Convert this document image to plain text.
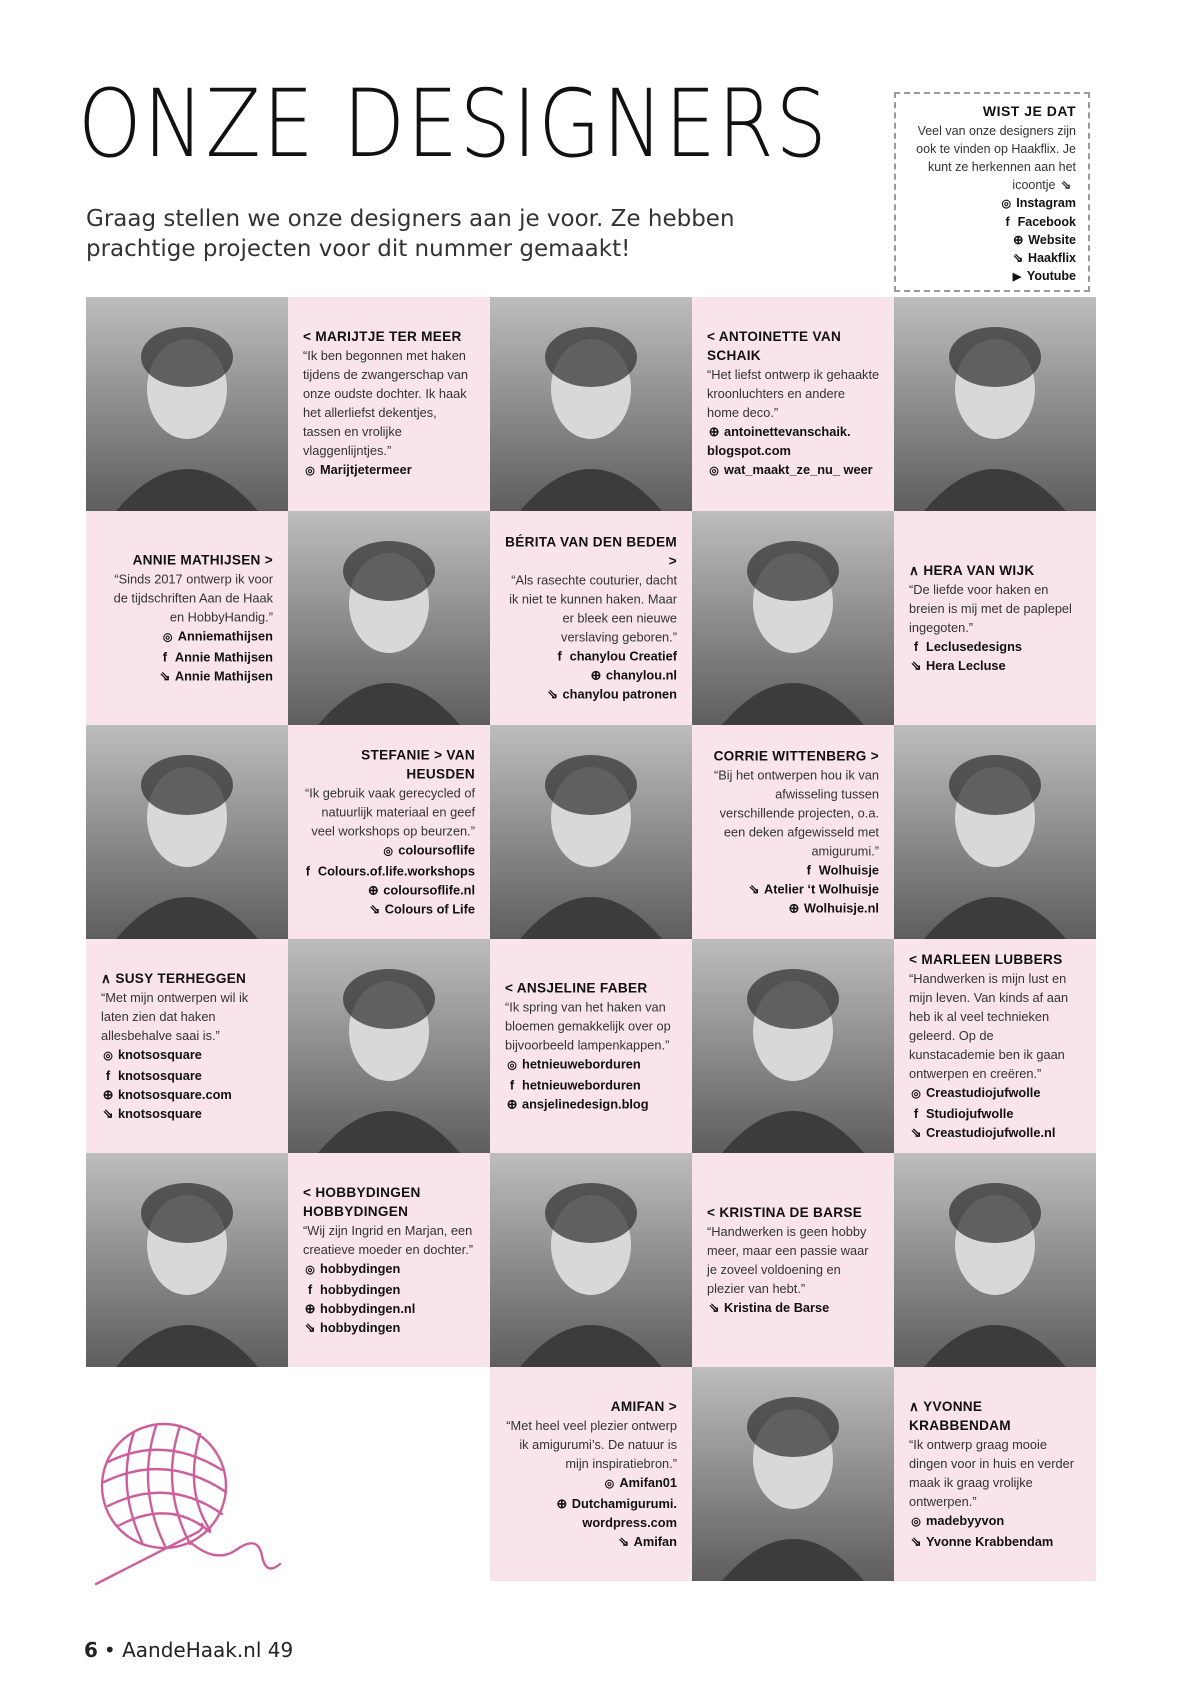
ONZE DESIGNERS
Graag stellen we onze designers aan je voor. Ze hebben prachtige projecten voor dit nummer gemaakt!
WIST JE DAT
Veel van onze designers zijn ook te vinden op Haakflix. Je kunt ze herkennen aan het icoontje ⇘
◎ Instagram
f Facebook
⊕ Website
⇘ Haakflix
▶ Youtube
< MARIJTJE TER MEER
“Ik ben begonnen met haken tijdens de zwangerschap van onze oudste dochter. Ik haak het allerliefst dekentjes, tassen en vrolijke vlaggenlijntjes.”
◎ Marijtjetermeer
< ANTOINETTE VAN SCHAIK
“Het liefst ontwerp ik gehaakte kroonluchters en andere home deco.”
⊕ antoinettevanschaik. blogspot.com
◎ wat_maakt_ze_nu_ weer
ANNIE MATHIJSEN >
“Sinds 2017 ontwerp ik voor de tijdschriften Aan de Haak en HobbyHandig.”
◎ Anniemathijsen
f Annie Mathijsen
⇘ Annie Mathijsen
BÉRITA VAN DEN BEDEM >
“Als rasechte couturier, dacht ik niet te kunnen haken. Maar er bleek een nieuwe verslaving geboren.”
f chanylou Creatief
⊕ chanylou.nl
⇘ chanylou patronen
∧ HERA VAN WIJK
“De liefde voor haken en breien is mij met de paplepel ingegoten.”
f Leclusedesigns
⇘ Hera Lecluse
STEFANIE > VAN HEUSDEN
“Ik gebruik vaak gerecycled of natuurlijk materiaal en geef veel workshops op beurzen.”
◎ coloursoflife
f Colours.of.life.workshops
⊕ coloursoflife.nl
⇘ Colours of Life
CORRIE WITTENBERG >
“Bij het ontwerpen hou ik van afwisseling tussen verschillende projecten, o.a. een deken afgewisseld met amigurumi.”
f Wolhuisje
⇘ Atelier ‘t Wolhuisje
⊕ Wolhuisje.nl
∧ SUSY TERHEGGEN
“Met mijn ontwerpen wil ik laten zien dat haken allesbehalve saai is.”
◎ knotsosquare
f knotsosquare
⊕ knotsosquare.com
⇘ knotsosquare
< ANSJELINE FABER
“Ik spring van het haken van bloemen gemakkelijk over op bijvoorbeeld lampenkappen.”
◎ hetnieuweborduren
f hetnieuweborduren
⊕ ansjelinedesign.blog
< MARLEEN LUBBERS
“Handwerken is mijn lust en mijn leven. Van kinds af aan heb ik al veel technieken geleerd. Op de kunstacademie ben ik gaan ontwerpen en creëren.”
◎ Creastudiojufwolle
f Studiojufwolle
⇘ Creastudiojufwolle.nl
< HOBBYDINGEN HOBBYDINGEN
“Wij zijn Ingrid en Marjan, een creatieve moeder en dochter.”
◎ hobbydingen
f hobbydingen
⊕ hobbydingen.nl
⇘ hobbydingen
< KRISTINA DE BARSE
“Handwerken is geen hobby meer, maar een passie waar je zoveel voldoening en plezier van hebt.”
⇘ Kristina de Barse
AMIFAN >
“Met heel veel plezier ontwerp ik amigurumi’s. De natuur is mijn inspiratiebron.”
◎ Amifan01
⊕ Dutchamigurumi. wordpress.com
⇘ Amifan
∧ YVONNE KRABBENDAM
“Ik ontwerp graag mooie dingen voor in huis en verder maak ik graag vrolijke ontwerpen.”
◎ madebyyvon
⇘ Yvonne Krabbendam
6 • AandeHaak.nl 49
